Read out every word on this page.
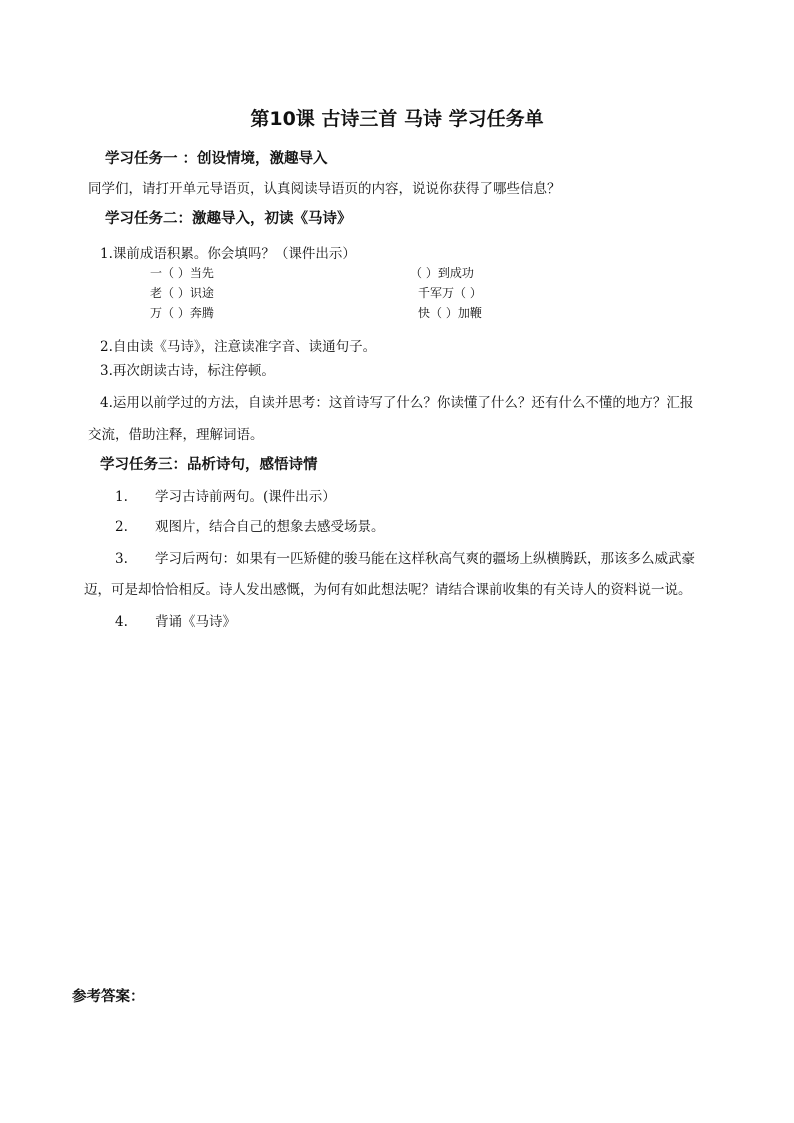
第10课 古诗三首 马诗 学习任务单
学习任务一 ：创设情境，激趣导入
同学们，请打开单元导语页，认真阅读导语页的内容，说说你获得了哪些信息？
学习任务二：激趣导入，初读《马诗》
1.课前成语积累。你会填吗？（课件出示）
一（ ）当先
老（ ）识途
万（ ）奔腾
（ ）到成功
千军万（ ）
快（ ）加鞭
2.自由读《马诗》，注意读准字音、读通句子。
3.再次朗读古诗，标注停顿。
4.运用以前学过的方法，自读并思考：这首诗写了什么？你读懂了什么？还有什么不懂的地方？汇报
交流，借助注释，理解词语。
学习任务三：品析诗句，感悟诗情
1. 学习古诗前两句。(课件出示）
2. 观图片，结合自己的想象去感受场景。
3. 学习后两句：如果有一匹矫健的骏马能在这样秋高气爽的疆场上纵横腾跃，那该多么威武豪
迈，可是却恰恰相反。诗人发出感慨，为何有如此想法呢？请结合课前收集的有关诗人的资料说一说。
4. 背诵《马诗》
参考答案：
